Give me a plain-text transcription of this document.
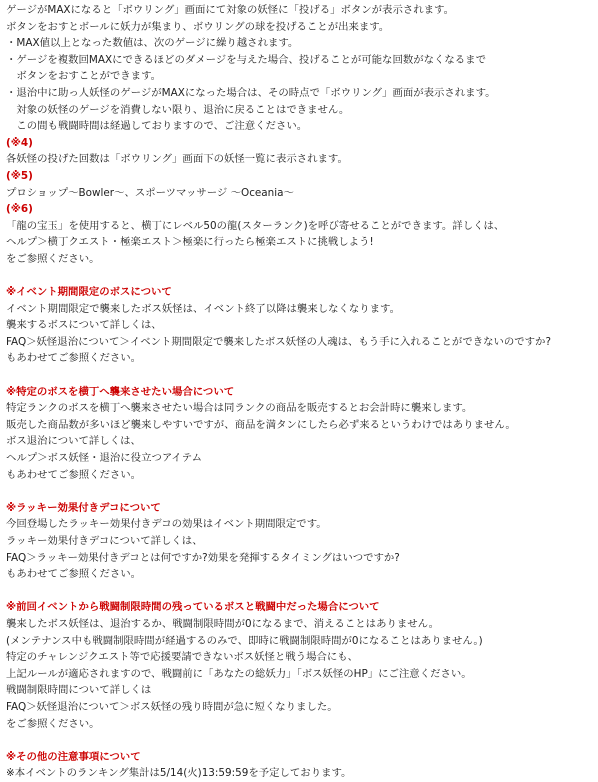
ゲージがMAXになると「ボウリング」画面にて対象の妖怪に「投げる」ボタンが表示されます。
ボタンをおすとボールに妖力が集まり、ボウリングの球を投げることが出来ます。
・MAX値以上となった数値は、次のゲージに繰り越されます。
・ゲージを複数回MAXにできるほどのダメージを与えた場合、投げることが可能な回数がなくなるまで
　ボタンをおすことができます。
・退治中に助っ人妖怪のゲージがMAXになった場合は、その時点で「ボウリング」画面が表示されます。
　対象の妖怪のゲージを消費しない限り、退治に戻ることはできません。
　この間も戦闘時間は経過しておりますので、ご注意ください。
(※4)
各妖怪の投げた回数は「ボウリング」画面下の妖怪一覧に表示されます。
(※5)
プロショップ～Bowler～、スポーツマッサージ ～Oceania～
(※6)
「龍の宝玉」を使用すると、横丁にレベル50の龍(スターランク)を呼び寄せることができます。詳しくは、
ヘルプ＞横丁クエスト・極楽エスト＞極楽に行ったら極楽エストに挑戦しよう!
をご参照ください。
※イベント期間限定のボスについて
イベント期間限定で襲来したボス妖怪は、イベント終了以降は襲来しなくなります。
襲来するボスについて詳しくは、
FAQ＞妖怪退治について＞イベント期間限定で襲来したボス妖怪の人魂は、もう手に入れることができないのですか?
もあわせてご参照ください。
※特定のボスを横丁へ襲来させたい場合について
特定ランクのボスを横丁へ襲来させたい場合は同ランクの商品を販売するとお会計時に襲来します。
販売した商品数が多いほど襲来しやすいですが、商品を満タンにしたら必ず来るというわけではありません。
ボス退治について詳しくは、
ヘルプ＞ボス妖怪・退治に役立つアイテム
もあわせてご参照ください。
※ラッキー効果付きデコについて
今回登場したラッキー効果付きデコの効果はイベント期間限定です。
ラッキー効果付きデコについて詳しくは、
FAQ＞ラッキー効果付きデコとは何ですか?効果を発揮するタイミングはいつですか?
もあわせてご参照ください。
※前回イベントから戦闘制限時間の残っているボスと戦闘中だった場合について
襲来したボス妖怪は、退治するか、戦闘制限時間が0になるまで、消えることはありません。
(メンテナンス中も戦闘制限時間が経過するのみで、即時に戦闘制限時間が0になることはありません。)
特定のチャレンジクエスト等で応援要請できないボス妖怪と戦う場合にも、
上記ルールが適応されますので、戦闘前に「あなたの総妖力」「ボス妖怪のHP」にご注意ください。
戦闘制限時間について詳しくは
FAQ＞妖怪退治について＞ボス妖怪の残り時間が急に短くなりました。
をご参照ください。
※その他の注意事項について
※本イベントのランキング集計は5/14(火)13:59:59を予定しております。
